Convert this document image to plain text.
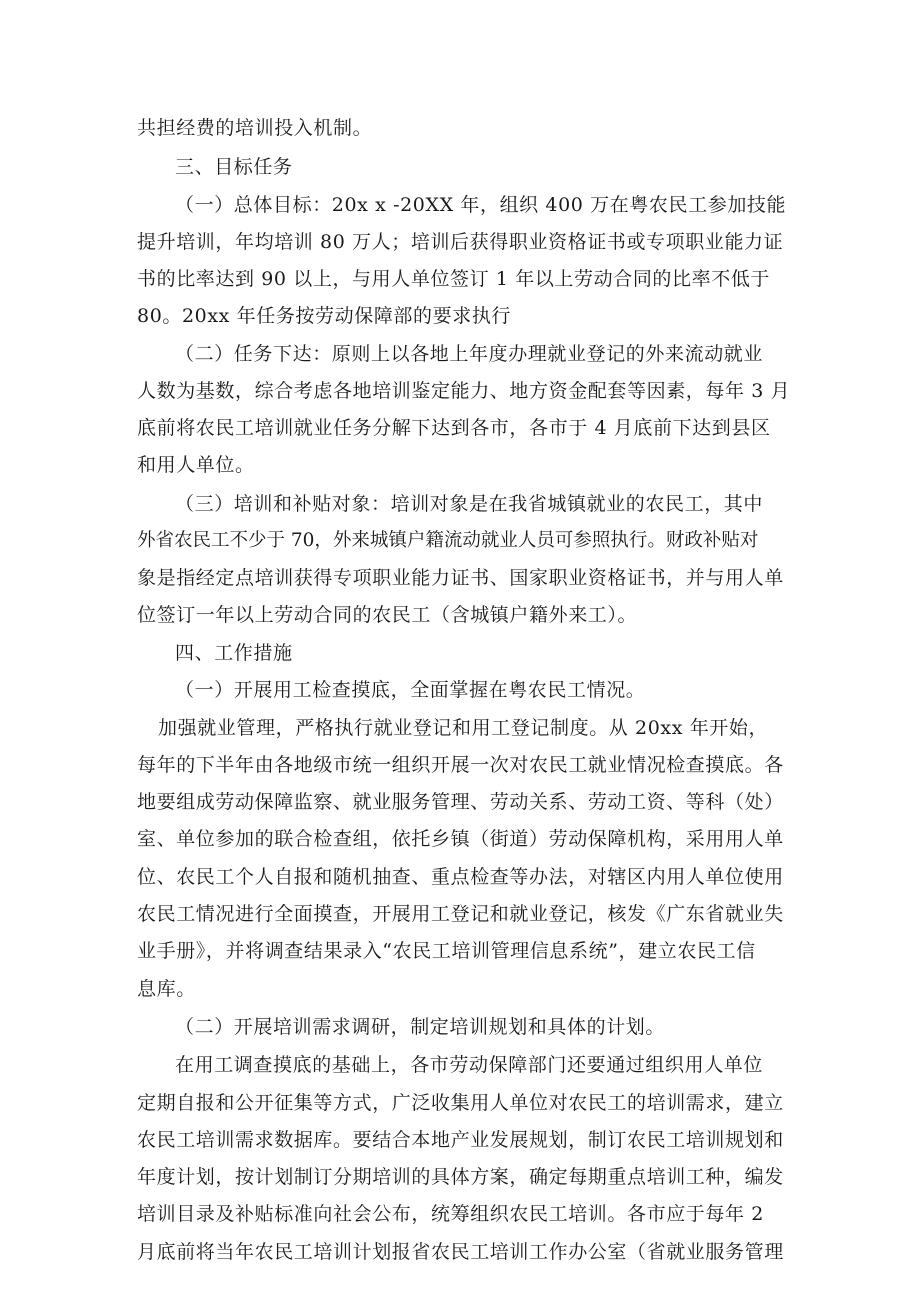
共担经费的培训投入机制。
三、目标任务
（一）总体目标：20x x -20XX 年，组织 400 万在粤农民工参加技能
提升培训，年均培训 80 万人；培训后获得职业资格证书或专项职业能力证
书的比率达到 90 以上，与用人单位签订 1 年以上劳动合同的比率不低于
80。20xx 年任务按劳动保障部的要求执行
（二）任务下达：原则上以各地上年度办理就业登记的外来流动就业
人数为基数，综合考虑各地培训鉴定能力、地方资金配套等因素，每年 3 月
底前将农民工培训就业任务分解下达到各市，各市于 4 月底前下达到县区
和用人单位。
（三）培训和补贴对象：培训对象是在我省城镇就业的农民工，其中
外省农民工不少于 70，外来城镇户籍流动就业人员可参照执行。财政补贴对
象是指经定点培训获得专项职业能力证书、国家职业资格证书，并与用人单
位签订一年以上劳动合同的农民工（含城镇户籍外来工）。
四、工作措施
（一）开展用工检查摸底，全面掌握在粤农民工情况。
加强就业管理，严格执行就业登记和用工登记制度。从 20xx 年开始，
每年的下半年由各地级市统一组织开展一次对农民工就业情况检查摸底。各
地要组成劳动保障监察、就业服务管理、劳动关系、劳动工资、等科（处）
室、单位参加的联合检查组，依托乡镇（街道）劳动保障机构，采用用人单
位、农民工个人自报和随机抽查、重点检查等办法，对辖区内用人单位使用
农民工情况进行全面摸查，开展用工登记和就业登记，核发《广东省就业失
业手册》，并将调查结果录入“农民工培训管理信息系统”，建立农民工信
息库。
（二）开展培训需求调研，制定培训规划和具体的计划。
在用工调查摸底的基础上，各市劳动保障部门还要通过组织用人单位
定期自报和公开征集等方式，广泛收集用人单位对农民工的培训需求，建立
农民工培训需求数据库。要结合本地产业发展规划，制订农民工培训规划和
年度计划，按计划制订分期培训的具体方案，确定每期重点培训工种，编发
培训目录及补贴标准向社会公布，统筹组织农民工培训。各市应于每年 2
月底前将当年农民工培训计划报省农民工培训工作办公室（省就业服务管理
